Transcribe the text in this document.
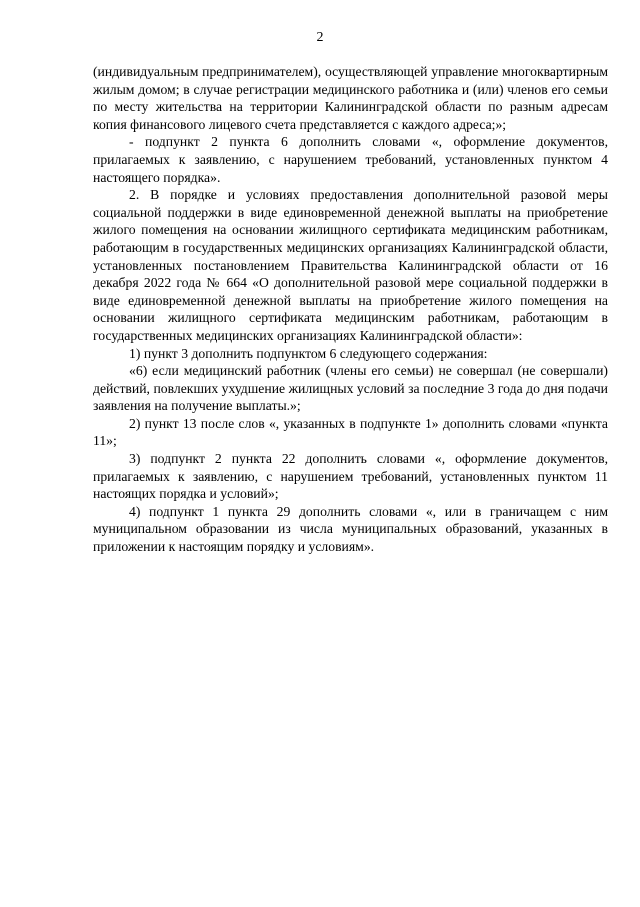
2

(индивидуальным предпринимателем), осуществляющей управление многоквартирным жилым домом; в случае регистрации медицинского работника и (или) членов его семьи по месту жительства на территории Калининградской области по разным адресам копия финансового лицевого счета представляется с каждого адреса;»;

- подпункт 2 пункта 6 дополнить словами «, оформление документов, прилагаемых к заявлению, с нарушением требований, установленных пунктом 4 настоящего порядка».

2. В порядке и условиях предоставления дополнительной разовой меры социальной поддержки в виде единовременной денежной выплаты на приобретение жилого помещения на основании жилищного сертификата медицинским работникам, работающим в государственных медицинских организациях Калининградской области, установленных постановлением Правительства Калининградской области от 16 декабря 2022 года № 664 «О дополнительной разовой мере социальной поддержки в виде единовременной денежной выплаты на приобретение жилого помещения на основании жилищного сертификата медицинским работникам, работающим в государственных медицинских организациях Калининградской области»:

1) пункт 3 дополнить подпунктом 6 следующего содержания:

«6) если медицинский работник (члены его семьи) не совершал (не совершали) действий, повлекших ухудшение жилищных условий за последние 3 года до дня подачи заявления на получение выплаты.»;

2) пункт 13 после слов «, указанных в подпункте 1» дополнить словами «пункта 11»;

3) подпункт 2 пункта 22 дополнить словами «, оформление документов, прилагаемых к заявлению, с нарушением требований, установленных пунктом 11 настоящих порядка и условий»;

4) подпункт 1 пункта 29 дополнить словами «, или в граничащем с ним муниципальном образовании из числа муниципальных образований, указанных в приложении к настоящим порядку и условиям».
